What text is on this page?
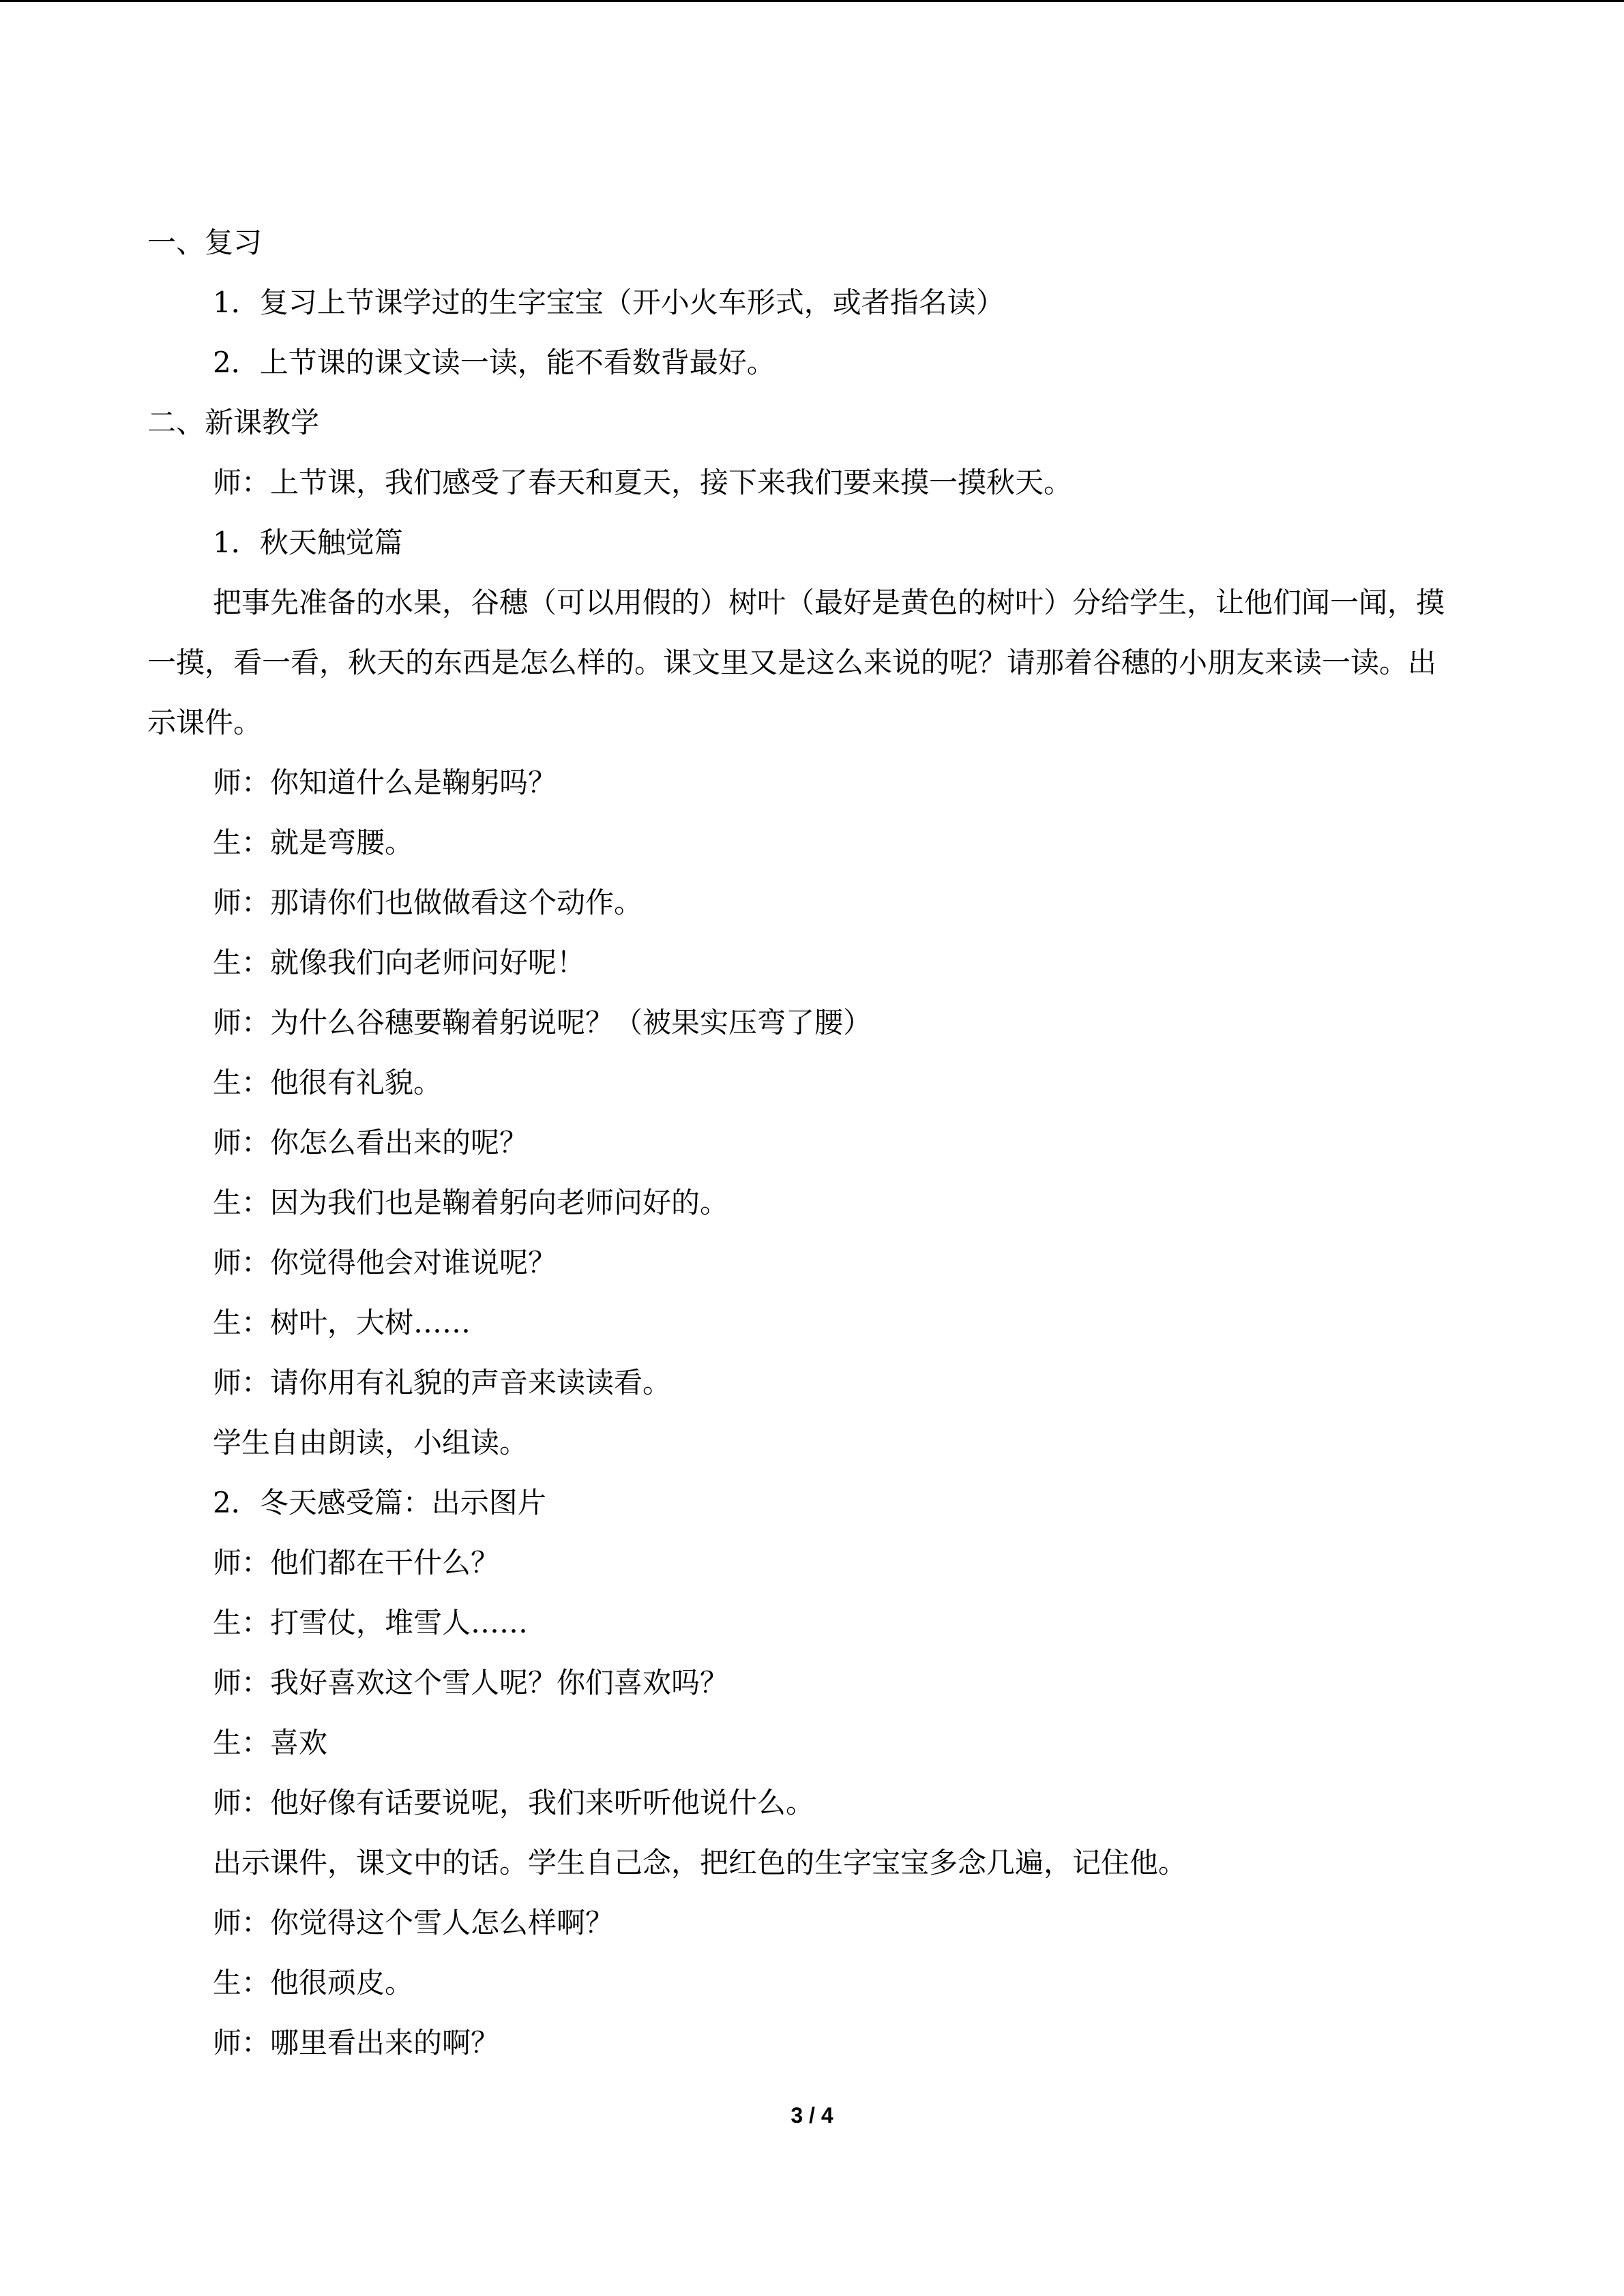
一、复习

1．复习上节课学过的生字宝宝（开小火车形式，或者指名读）

2．上节课的课文读一读，能不看数背最好。

二、新课教学

师：上节课，我们感受了春天和夏天，接下来我们要来摸一摸秋天。

1．秋天触觉篇

把事先准备的水果，谷穗（可以用假的）树叶（最好是黄色的树叶）分给学生，让他们闻一闻，摸一摸，看一看，秋天的东西是怎么样的。课文里又是这么来说的呢？请那着谷穗的小朋友来读一读。出示课件。

师：你知道什么是鞠躬吗？

生：就是弯腰。

师：那请你们也做做看这个动作。

生：就像我们向老师问好呢！

师：为什么谷穗要鞠着躬说呢？（被果实压弯了腰）

生：他很有礼貌。

师：你怎么看出来的呢？

生：因为我们也是鞠着躬向老师问好的。

师：你觉得他会对谁说呢？

生：树叶，大树……

师：请你用有礼貌的声音来读读看。

学生自由朗读，小组读。

2．冬天感受篇：出示图片

师：他们都在干什么？

生：打雪仗，堆雪人……

师：我好喜欢这个雪人呢？你们喜欢吗？

生：喜欢

师：他好像有话要说呢，我们来听听他说什么。

出示课件，课文中的话。学生自己念，把红色的生字宝宝多念几遍，记住他。

师：你觉得这个雪人怎么样啊？

生：他很顽皮。

师：哪里看出来的啊？

3 / 4
